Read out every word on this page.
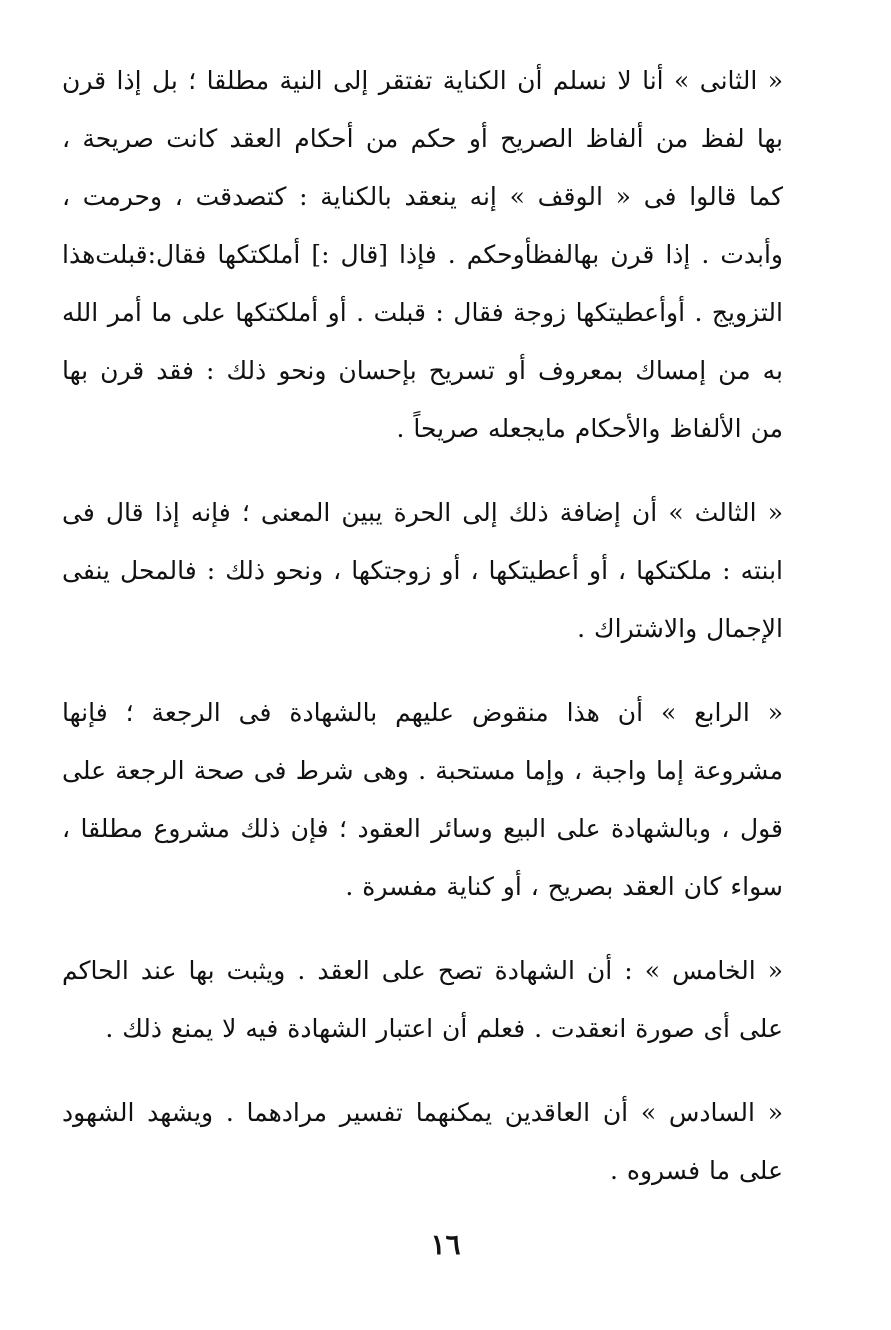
« الثانى » أنا لا نسلم أن الكناية تفتقر إلى النية مطلقا ؛ بل إذا قرن بها لفظ من ألفاظ الصريح أو حكم من أحكام العقد كانت صريحة ، كما قالوا فى « الوقف » إنه ينعقد بالكناية : كتصدقت ، وحرمت ، وأبدت . إذا قرن بهالفظأوحكم . فإذا [قال :] أملكتكها فقال:قبلت‌هذا التزويج . أوأعطيتكها زوجة فقال : قبلت . أو أملكتكها على ما أمر الله به من إمساك بمعروف أو تسريح بإحسان ونحو ذلك : فقد قرن بها من الألفاظ والأحكام مايجعله صريحاً .

« الثالث » أن إضافة ذلك إلى الحرة يبين المعنى ؛ فإنه إذا قال فى ابنته : ملكتكها ، أو أعطيتكها ، أو زوجتكها ، ونحو ذلك : فالمحل ينفى الإجمال والاشتراك .

« الرابع » أن هذا منقوض عليهم بالشهادة فى الرجعة ؛ فإنها مشروعة إما واجبة ، وإما مستحبة . وهى شرط فى صحة الرجعة على قول ، وبالشهادة على البيع وسائر العقود ؛ فإن ذلك مشروع مطلقا ، سواء كان العقد بصريح ، أو كناية مفسرة .

« الخامس » : أن الشهادة تصح على العقد . ويثبت بها عند الحاكم على أى صورة انعقدت . فعلم أن اعتبار الشهادة فيه لا يمنع ذلك .

« السادس » أن العاقدين يمكنهما تفسير مرادهما . ويشهد الشهود على ما فسروه .

١٦
